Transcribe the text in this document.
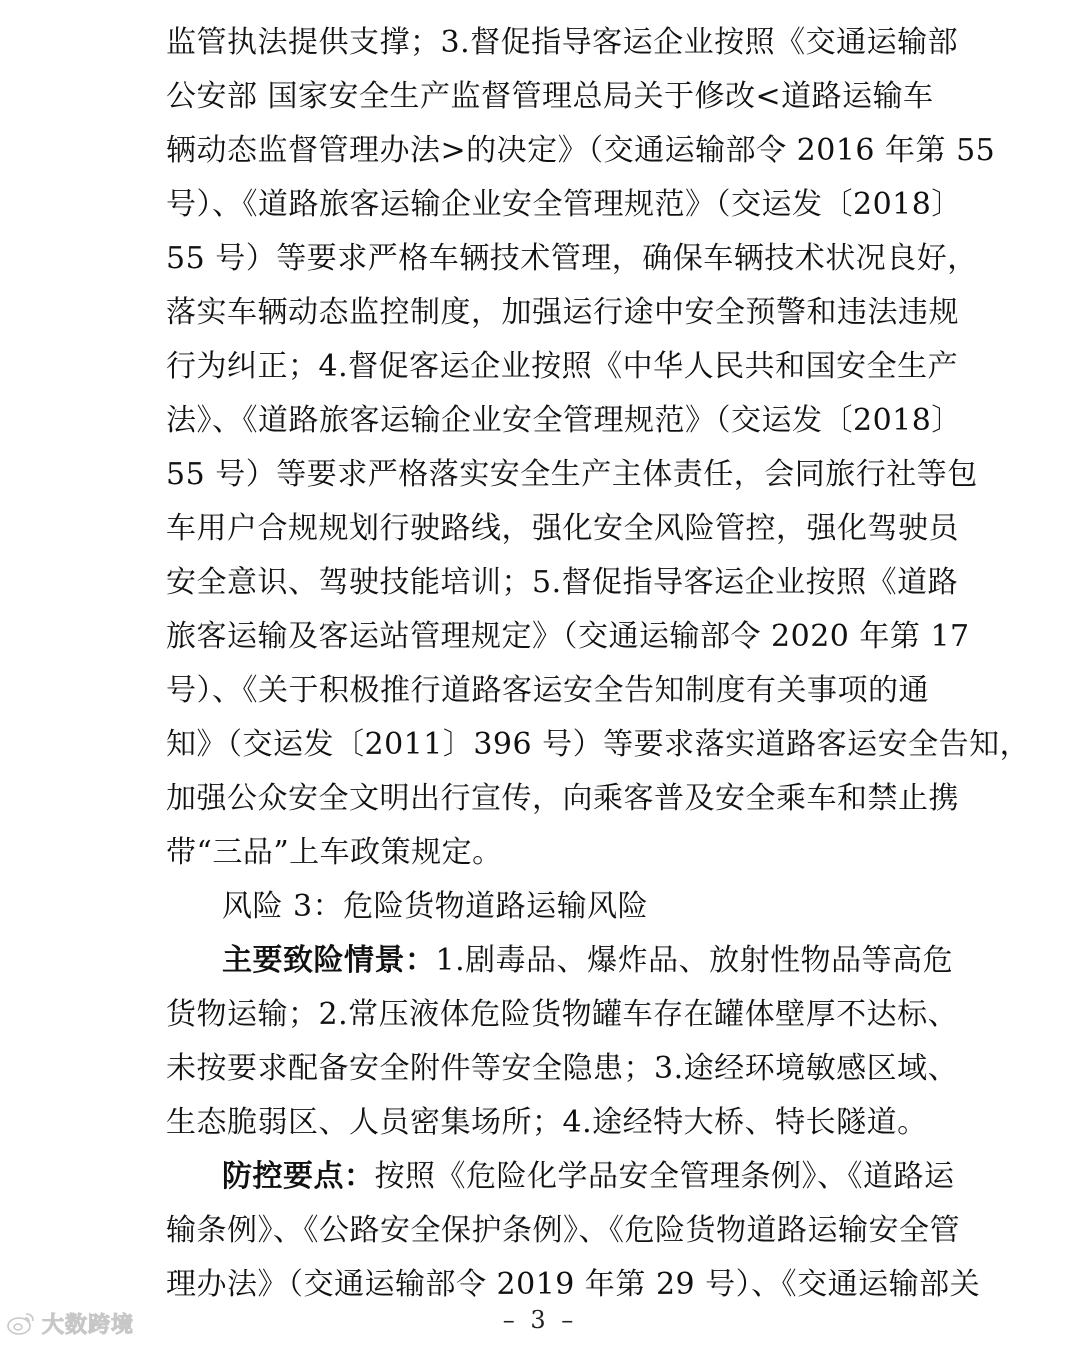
监管执法提供支撑；3.督促指导客运企业按照《交通运输部
公安部 国家安全生产监督管理总局关于修改<道路运输车
辆动态监督管理办法>的决定》（交通运输部令 2016 年第 55
号）、《道路旅客运输企业安全管理规范》（交运发〔2018〕
55 号）等要求严格车辆技术管理，确保车辆技术状况良好，
落实车辆动态监控制度，加强运行途中安全预警和违法违规
行为纠正；4.督促客运企业按照《中华人民共和国安全生产
法》、《道路旅客运输企业安全管理规范》（交运发〔2018〕
55 号）等要求严格落实安全生产主体责任，会同旅行社等包
车用户合规规划行驶路线，强化安全风险管控，强化驾驶员
安全意识、驾驶技能培训；5.督促指导客运企业按照《道路
旅客运输及客运站管理规定》（交通运输部令 2020 年第 17
号）、《关于积极推行道路客运安全告知制度有关事项的通
知》（交运发〔2011〕396 号）等要求落实道路客运安全告知，
加强公众安全文明出行宣传，向乘客普及安全乘车和禁止携
带“三品”上车政策规定。
风险 3：危险货物道路运输风险
主要致险情景：1.剧毒品、爆炸品、放射性物品等高危
货物运输；2.常压液体危险货物罐车存在罐体壁厚不达标、
未按要求配备安全附件等安全隐患；3.途经环境敏感区域、
生态脆弱区、人员密集场所；4.途经特大桥、特长隧道。
防控要点：按照《危险化学品安全管理条例》、《道路运
输条例》、《公路安全保护条例》、《危险货物道路运输安全管
理办法》（交通运输部令 2019 年第 29 号）、《交通运输部关
大数跨境	– 3 –
